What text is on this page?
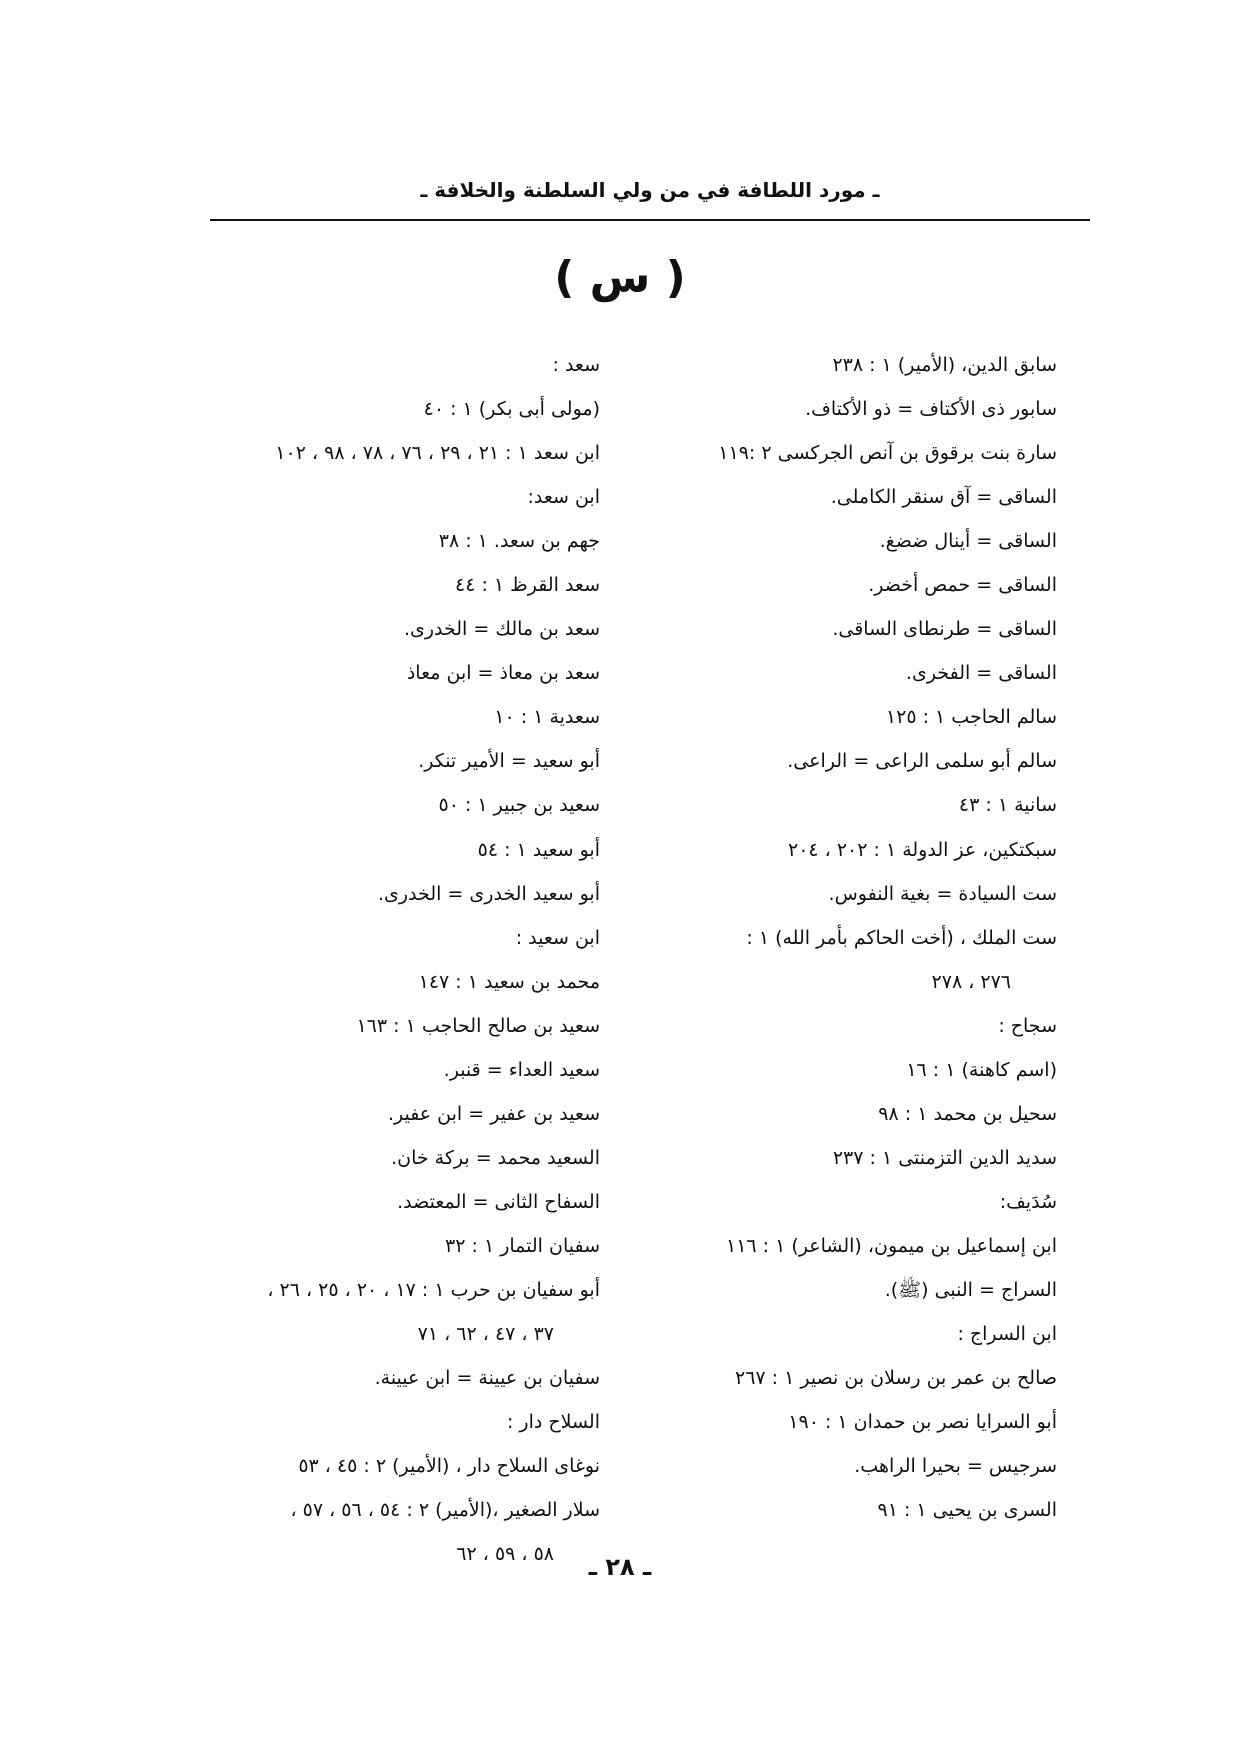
ـ مورد اللطافة في من ولي السلطنة والخلافة ـ
( س )
سابق الدين، (الأمير) ١ : ٢٣٨
سابور ذى الأكتاف = ذو الأكتاف.
سارة بنت برقوق بن آنص الجركسى ٢ :١١٩
الساقى = آق سنقر الكاملى.
الساقى = أينال ضضغ.
الساقى = حمص أخضر.
الساقى = طرنطاى الساقى.
الساقى = الفخرى.
سالم الحاجب ١ : ١٢٥
سالم أبو سلمى الراعى = الراعى.
سانية ١ : ٤٣
سبكتكين، عز الدولة ١ : ٢٠٢ ، ٢٠٤
ست السيادة = بغية النفوس.
ست الملك ، (أخت الحاكم بأمر الله) ١ :
٢٧٦ ، ٢٧٨
سجاح :
(اسم كاهنة) ١ : ١٦
سحيل بن محمد ١ : ٩٨
سديد الدين التزمنتى ١ : ٢٣٧
سُدَيف:
ابن إسماعيل بن ميمون، (الشاعر) ١ : ١١٦
السراج = النبى (ﷺ).
ابن السراج :
صالح بن عمر بن رسلان بن نصير ١ : ٢٦٧
أبو السرايا نصر بن حمدان ١ : ١٩٠
سرجيس = بحيرا الراهب.
السرى بن يحيى ١ : ٩١
سعد :
(مولى أبى بكر) ١ : ٤٠
ابن سعد ١ : ٢١ ، ٢٩ ، ٧٦ ، ٧٨ ، ٩٨ ، ١٠٢
ابن سعد:
جهم بن سعد. ١ : ٣٨
سعد القرظ ١ : ٤٤
سعد بن مالك = الخدرى.
سعد بن معاذ = ابن معاذ
سعدية ١ : ١٠
أبو سعيد = الأمير تنكر.
سعيد بن جبير ١ : ٥٠
أبو سعيد ١ : ٥٤
أبو سعيد الخدرى = الخدرى.
ابن سعيد :
محمد بن سعيد ١ : ١٤٧
سعيد بن صالح الحاجب ١ : ١٦٣
سعيد العداء = قنبر.
سعيد بن عفير = ابن عفير.
السعيد محمد = بركة خان.
السفاح الثانى = المعتضد.
سفيان التمار ١ : ٣٢
أبو سفيان بن حرب ١ : ١٧ ، ٢٠ ، ٢٥ ، ٢٦ ،
٣٧ ، ٤٧ ، ٦٢ ، ٧١
سفيان بن عيينة = ابن عيينة.
السلاح دار :
نوغاى السلاح دار ، (الأمير) ٢ : ٤٥ ، ٥٣
سلار الصغير ،(الأمير) ٢ : ٥٤ ، ٥٦ ، ٥٧ ،
٥٨ ، ٥٩ ، ٦٢	ـ ٢٨ ـ
